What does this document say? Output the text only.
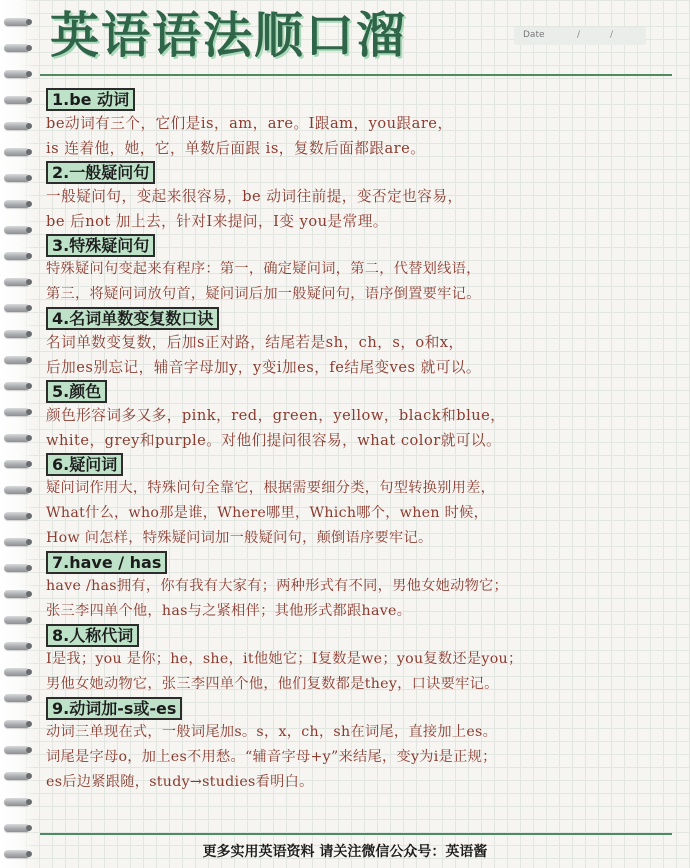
英语语法顺口溜	Date	/	/
1.be 动词
be动词有三个，它们是is，am，are。I跟am，you跟are，
is 连着他，她，它，单数后面跟 is，复数后面都跟are。
2.一般疑问句
一般疑问句，变起来很容易，be 动词往前提，变否定也容易，
be 后not 加上去，针对I来提问，I变 you是常理。
3.特殊疑问句
特殊疑问句变起来有程序：第一，确定疑问词，第二，代替划线语，
第三，将疑问词放句首，疑问词后加一般疑问句，语序倒置要牢记。
4.名词单数变复数口诀
名词单数变复数，后加s正对路，结尾若是sh，ch，s，o和x，
后加es别忘记，辅音字母加y，y变i加es，fe结尾变ves 就可以。
5.颜色
颜色形容词多又多，pink，red，green，yellow，black和blue，
white，grey和purple。对他们提问很容易，what color就可以。
6.疑问词
疑问词作用大，特殊问句全靠它，根据需要细分类，句型转换别用差，
What什么，who那是谁，Where哪里，Which哪个，when 时候，
How 问怎样，特殊疑问词加一般疑问句，颠倒语序要牢记。
7.have / has
have /has拥有，你有我有大家有；两种形式有不同，男他女她动物它；
张三李四单个他，has与之紧相伴；其他形式都跟have。
8.人称代词
I是我；you 是你；he，she，it他她它；I复数是we；you复数还是you；
男他女她动物它，张三李四单个他，他们复数都是they，口诀要牢记。
9.动词加-s或-es
动词三单现在式，一般词尾加s。s，x，ch，sh在词尾，直接加上es。
词尾是字母o，加上es不用愁。“辅音字母+y”来结尾，变y为i是正规；
es后边紧跟随，study→studies看明白。
更多实用英语资料 请关注微信公众号：英语酱
